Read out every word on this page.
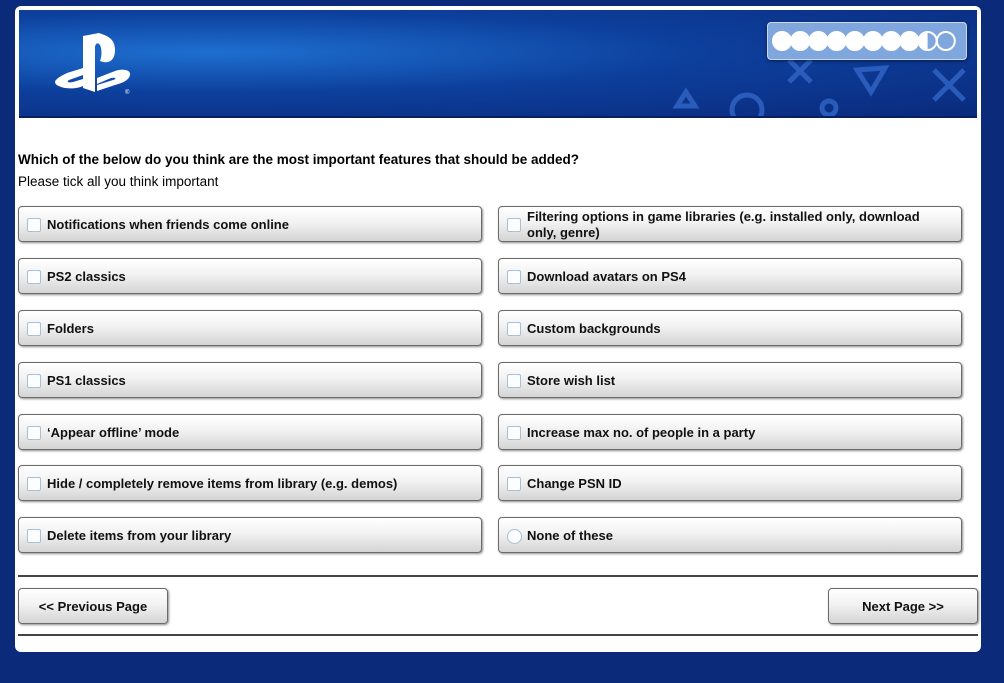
®

Which of the below do you think are the most important features that should be added?

Please tick all you think important

Notifications when friends come online
PS2 classics
Folders
PS1 classics
‘Appear offline’ mode
Hide / completely remove items from library (e.g. demos)
Delete items from your library
Filtering options in game libraries (e.g. installed only, download only, genre)
Download avatars on PS4
Custom backgrounds
Store wish list
Increase max no. of people in a party
Change PSN ID
None of these
<< Previous Page	Next Page >>
